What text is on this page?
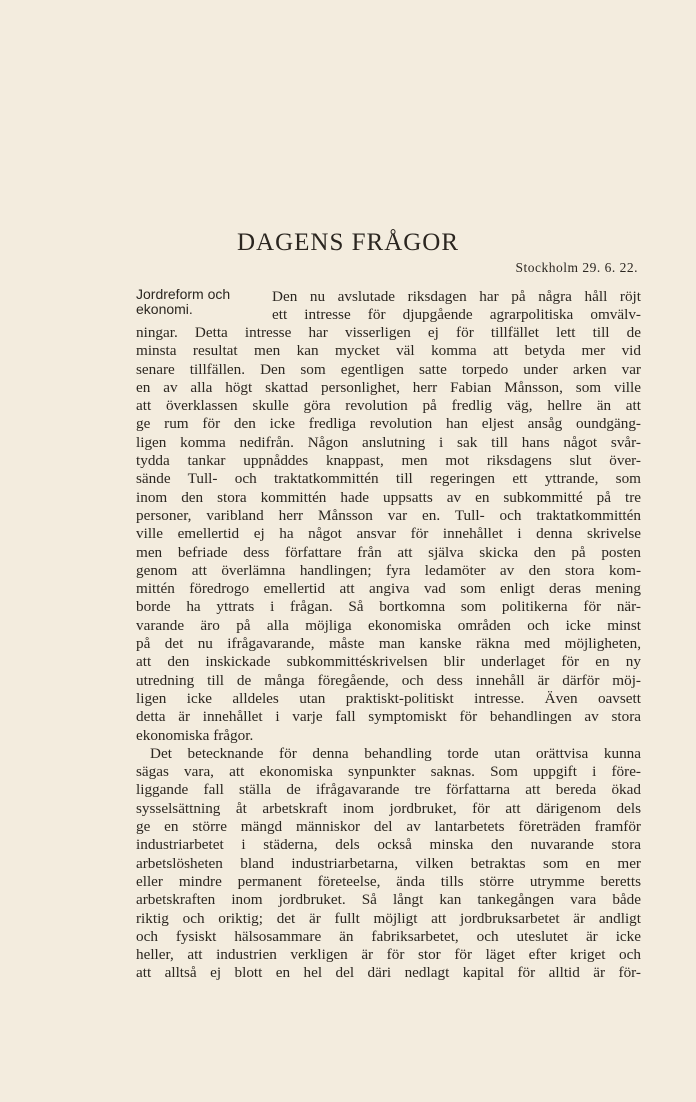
DAGENS FRÅGOR
Stockholm 29. 6. 22.
Jordreform och
ekonomi.
Den nu avslutade riksdagen har på några håll röjt
ett intresse för djupgående agrarpolitiska omvälv-
ningar. Detta intresse har visserligen ej för tillfället lett till de
minsta resultat men kan mycket väl komma att betyda mer vid
senare tillfällen. Den som egentligen satte torpedo under arken var
en av alla högt skattad personlighet, herr Fabian Månsson, som ville
att överklassen skulle göra revolution på fredlig väg, hellre än att
ge rum för den icke fredliga revolution han eljest ansåg oundgäng-
ligen komma nedifrån. Någon anslutning i sak till hans något svår-
tydda tankar uppnåddes knappast, men mot riksdagens slut över-
sände Tull- och traktatkommittén till regeringen ett yttrande, som
inom den stora kommittén hade uppsatts av en subkommitté på tre
personer, varibland herr Månsson var en. Tull- och traktatkommittén
ville emellertid ej ha något ansvar för innehållet i denna skrivelse
men befriade dess författare från att själva skicka den på posten
genom att överlämna handlingen; fyra ledamöter av den stora kom-
mittén föredrogo emellertid att angiva vad som enligt deras mening
borde ha yttrats i frågan. Så bortkomna som politikerna för när-
varande äro på alla möjliga ekonomiska områden och icke minst
på det nu ifrågavarande, måste man kanske räkna med möjligheten,
att den inskickade subkommittéskrivelsen blir underlaget för en ny
utredning till de många föregående, och dess innehåll är därför möj-
ligen icke alldeles utan praktiskt-politiskt intresse. Även oavsett
detta är innehållet i varje fall symptomiskt för behandlingen av stora
ekonomiska frågor.
Det betecknande för denna behandling torde utan orättvisa kunna
sägas vara, att ekonomiska synpunkter saknas. Som uppgift i före-
liggande fall ställa de ifrågavarande tre författarna att bereda ökad
sysselsättning åt arbetskraft inom jordbruket, för att därigenom dels
ge en större mängd människor del av lantarbetets företräden framför
industriarbetet i städerna, dels också minska den nuvarande stora
arbetslösheten bland industriarbetarna, vilken betraktas som en mer
eller mindre permanent företeelse, ända tills större utrymme beretts
arbetskraften inom jordbruket. Så långt kan tankegången vara både
riktig och oriktig; det är fullt möjligt att jordbruksarbetet är andligt
och fysiskt hälsosammare än fabriksarbetet, och uteslutet är icke
heller, att industrien verkligen är för stor för läget efter kriget och
att alltså ej blott en hel del däri nedlagt kapital för alltid är för-
